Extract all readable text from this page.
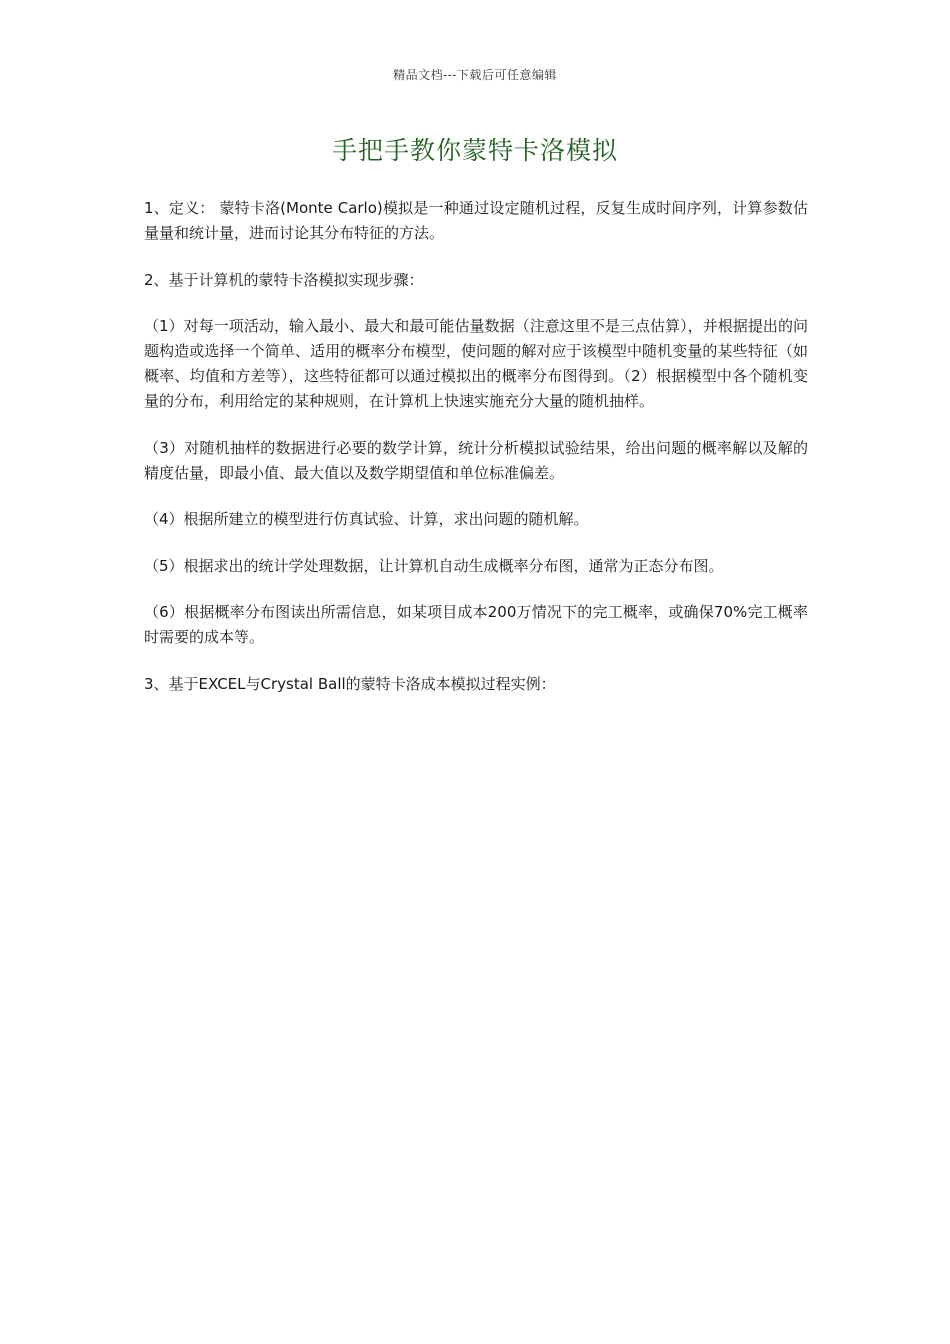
精品文档---下载后可任意编辑
手把手教你蒙特卡洛模拟

1、定义： 蒙特卡洛(Monte Carlo)模拟是一种通过设定随机过程，反复生成时间序列，计算参数估量量和统计量，进而讨论其分布特征的方法。

2、基于计算机的蒙特卡洛模拟实现步骤：

（1）对每一项活动，输入最小、最大和最可能估量数据（注意这里不是三点估算），并根据提出的问题构造或选择一个简单、适用的概率分布模型，使问题的解对应于该模型中随机变量的某些特征（如概率、均值和方差等），这些特征都可以通过模拟出的概率分布图得到。（2）根据模型中各个随机变量的分布，利用给定的某种规则，在计算机上快速实施充分大量的随机抽样。

（3）对随机抽样的数据进行必要的数学计算，统计分析模拟试验结果，给出问题的概率解以及解的精度估量，即最小值、最大值以及数学期望值和单位标准偏差。

（4）根据所建立的模型进行仿真试验、计算，求出问题的随机解。

（5）根据求出的统计学处理数据，让计算机自动生成概率分布图，通常为正态分布图。

（6）根据概率分布图读出所需信息，如某项目成本200万情况下的完工概率，或确保70%完工概率时需要的成本等。

3、基于EXCEL与Crystal Ball的蒙特卡洛成本模拟过程实例：
